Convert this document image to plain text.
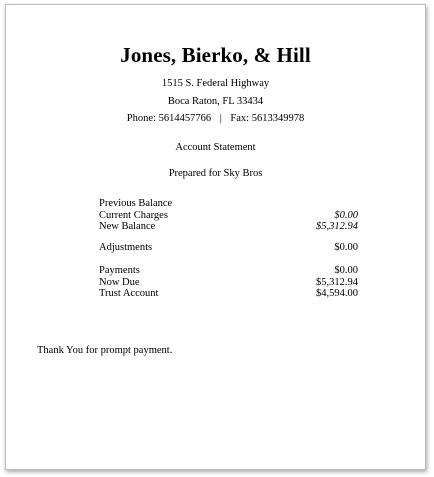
Jones, Bierko, & Hill
1515 S. Federal Highway
Boca Raton, FL 33434
Phone: 5614457766 | Fax: 5613349978
Account Statement
Prepared for Sky Bros
Previous Balance
Current Charges	$0.00
New Balance	$5,312.94
Adjustments	$0.00
Payments	$0.00
Now Due	$5,312.94
Trust Account	$4,594.00
Thank You for prompt payment.
